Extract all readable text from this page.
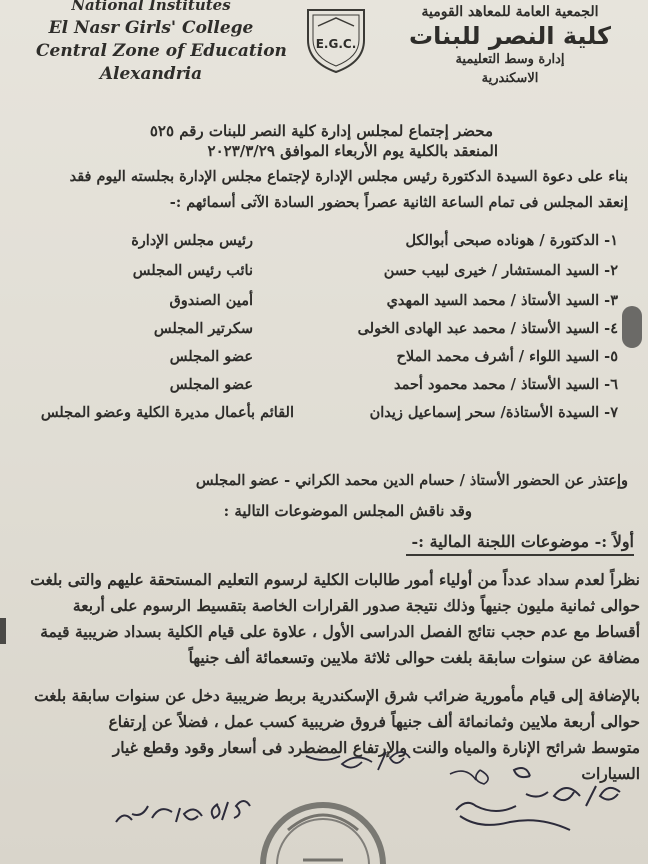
National Institutes
El Nasr Girls' College
Central Zone of Education
Alexandria
E.G.C.
الجمعية العامة للمعاهد القومية
كلية النصر للبنات
إدارة وسط التعليمية
الاسكندرية
محضر إجتماع لمجلس إدارة كلية النصر للبنات رقم ٥٢٥
المنعقد بالكلية يوم الأربعاء الموافق ٢٠٢٣/٣/٢٩
بناء على دعوة السيدة الدكتورة رئيس مجلس الإدارة لإجتماع مجلس الإدارة بجلسته اليوم فقد
إنعقد المجلس فى تمام الساعة الثانية عصراً بحضور السادة الآتى أسمائهم :-
١- الدكتورة / هوناده صبحى أبوالكل
رئيس مجلس الإدارة
٢- السيد المستشار / خيرى لبيب حسن
نائب رئيس المجلس
٣- السيد الأستاذ / محمد السيد المهدي
أمين الصندوق
٤- السيد الأستاذ / محمد عبد الهادى الخولى
سكرتير المجلس
٥- السيد اللواء / أشرف محمد الملاح
عضو المجلس
٦- السيد الأستاذ / محمد محمود أحمد
عضو المجلس
٧- السيدة الأستاذة/ سحر إسماعيل زيدان
القائم بأعمال مديرة الكلية وعضو المجلس
وإعتذر عن الحضور الأستاذ / حسام الدين محمد الكراني - عضو المجلس
وقد ناقش المجلس الموضوعات التالية :
أولاً :- موضوعات اللجنة المالية :-
نظراً لعدم سداد عدداً من أولياء أمور طالبات الكلية لرسوم التعليم المستحقة عليهم والتى بلغت
حوالى ثمانية مليون جنيهاً وذلك نتيجة صدور القرارات الخاصة بتقسيط الرسوم على أربعة
أقساط مع عدم حجب نتائج الفصل الدراسى الأول ، علاوة على قيام الكلية بسداد ضريبية قيمة
مضافة عن سنوات سابقة بلغت حوالى ثلاثة ملايين وتسعمائة ألف جنيهاً
بالإضافة إلى قيام مأمورية ضرائب شرق الإسكندرية بربط ضريبية دخل عن سنوات سابقة بلغت
حوالى أربعة ملايين وثمانمائة ألف جنيهاً فروق ضريبية كسب عمل ، فضلاً عن إرتفاع
متوسط شرائح الإنارة والمياه والنت والإرتفاع المضطرد فى أسعار وقود وقطع غيار
السيارات
